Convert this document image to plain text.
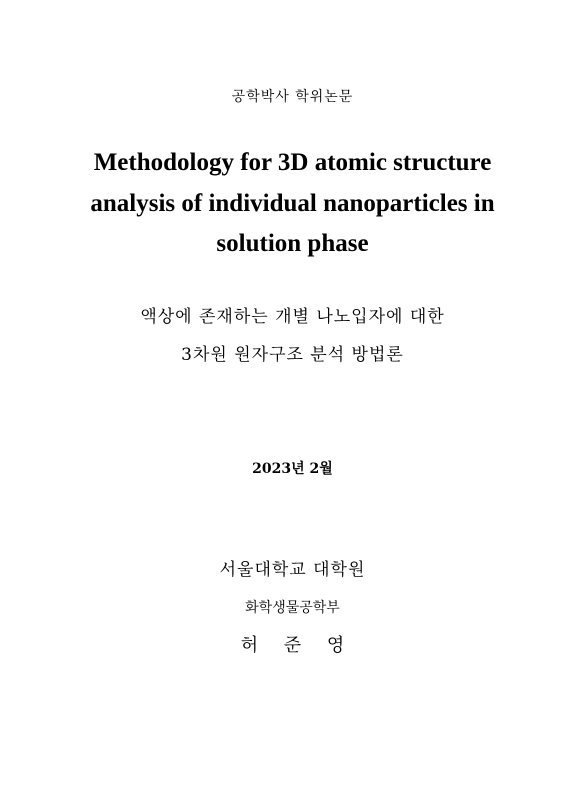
공학박사 학위논문
Methodology for 3D atomic structure
analysis of individual nanoparticles in
solution phase
액상에 존재하는 개별 나노입자에 대한
3차원 원자구조 분석 방법론
2023년 2월
서울대학교 대학원
화학생물공학부
허 준 영
